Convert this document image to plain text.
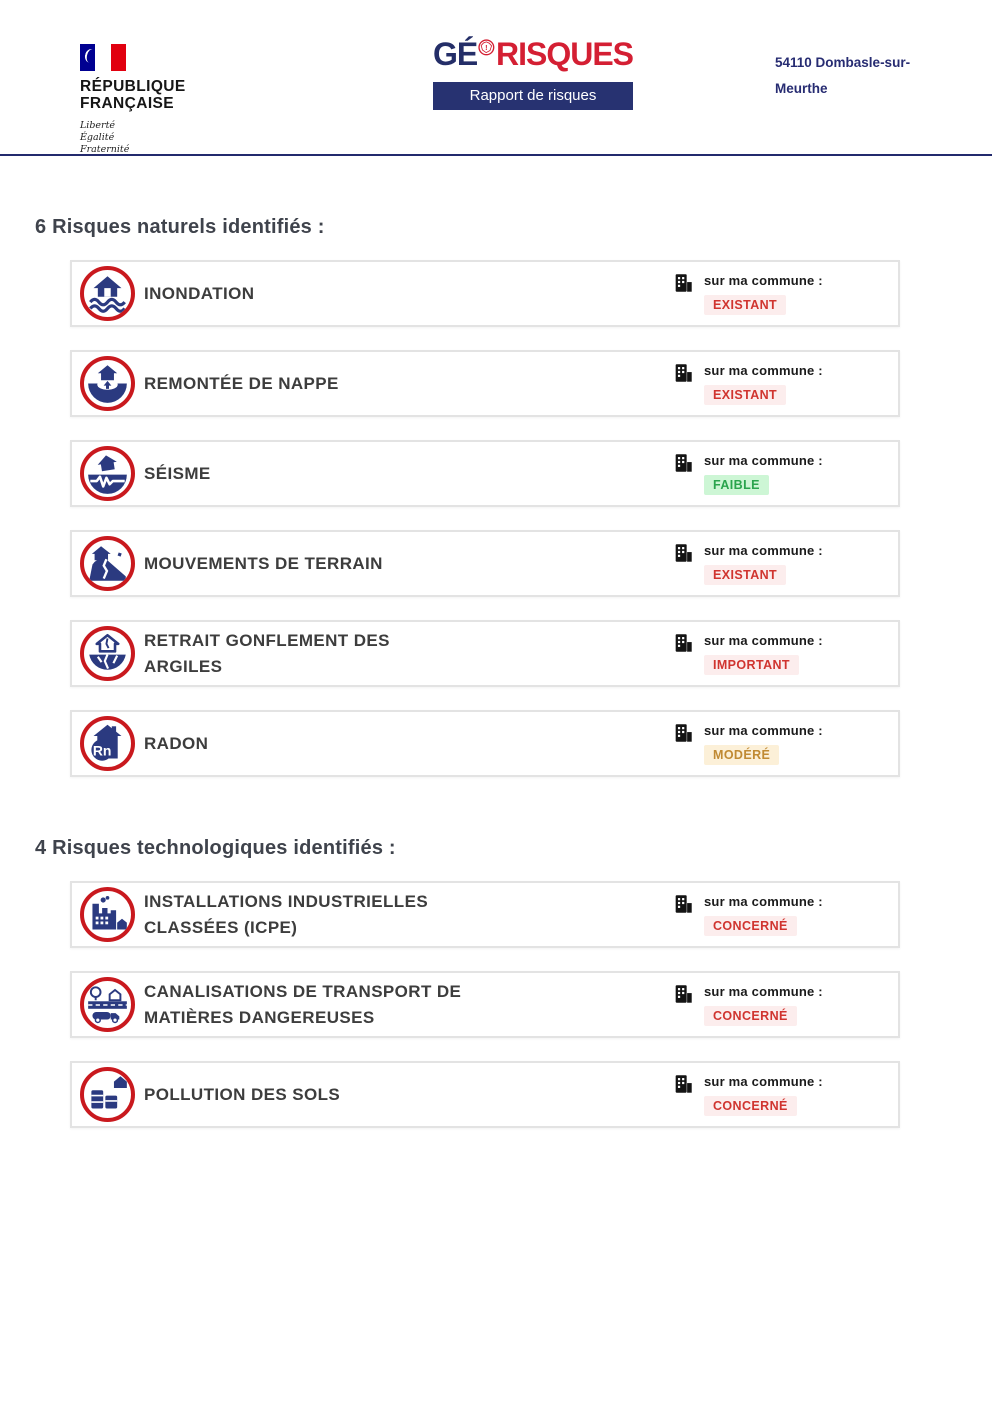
RÉPUBLIQUE
FRANÇAISE
Liberté
Égalité
Fraternité
GÉ ! RISQUES
Rapport de risques
54110 Dombasle-sur-Meurthe
6 Risques naturels identifiés :
INONDATION
sur ma commune :
EXISTANT
REMONTÉE DE NAPPE
sur ma commune :
EXISTANT
SÉISME
sur ma commune :
FAIBLE
MOUVEMENTS DE TERRAIN
sur ma commune :
EXISTANT
RETRAIT GONFLEMENT DES ARGILES
sur ma commune :
IMPORTANT
Rn RADON
sur ma commune :
MODÉRÉ
4 Risques technologiques identifiés :
INSTALLATIONS INDUSTRIELLES CLASSÉES (ICPE)
sur ma commune :
CONCERNÉ
CANALISATIONS DE TRANSPORT DE MATIÈRES DANGEREUSES
sur ma commune :
CONCERNÉ
POLLUTION DES SOLS
sur ma commune :
CONCERNÉ
